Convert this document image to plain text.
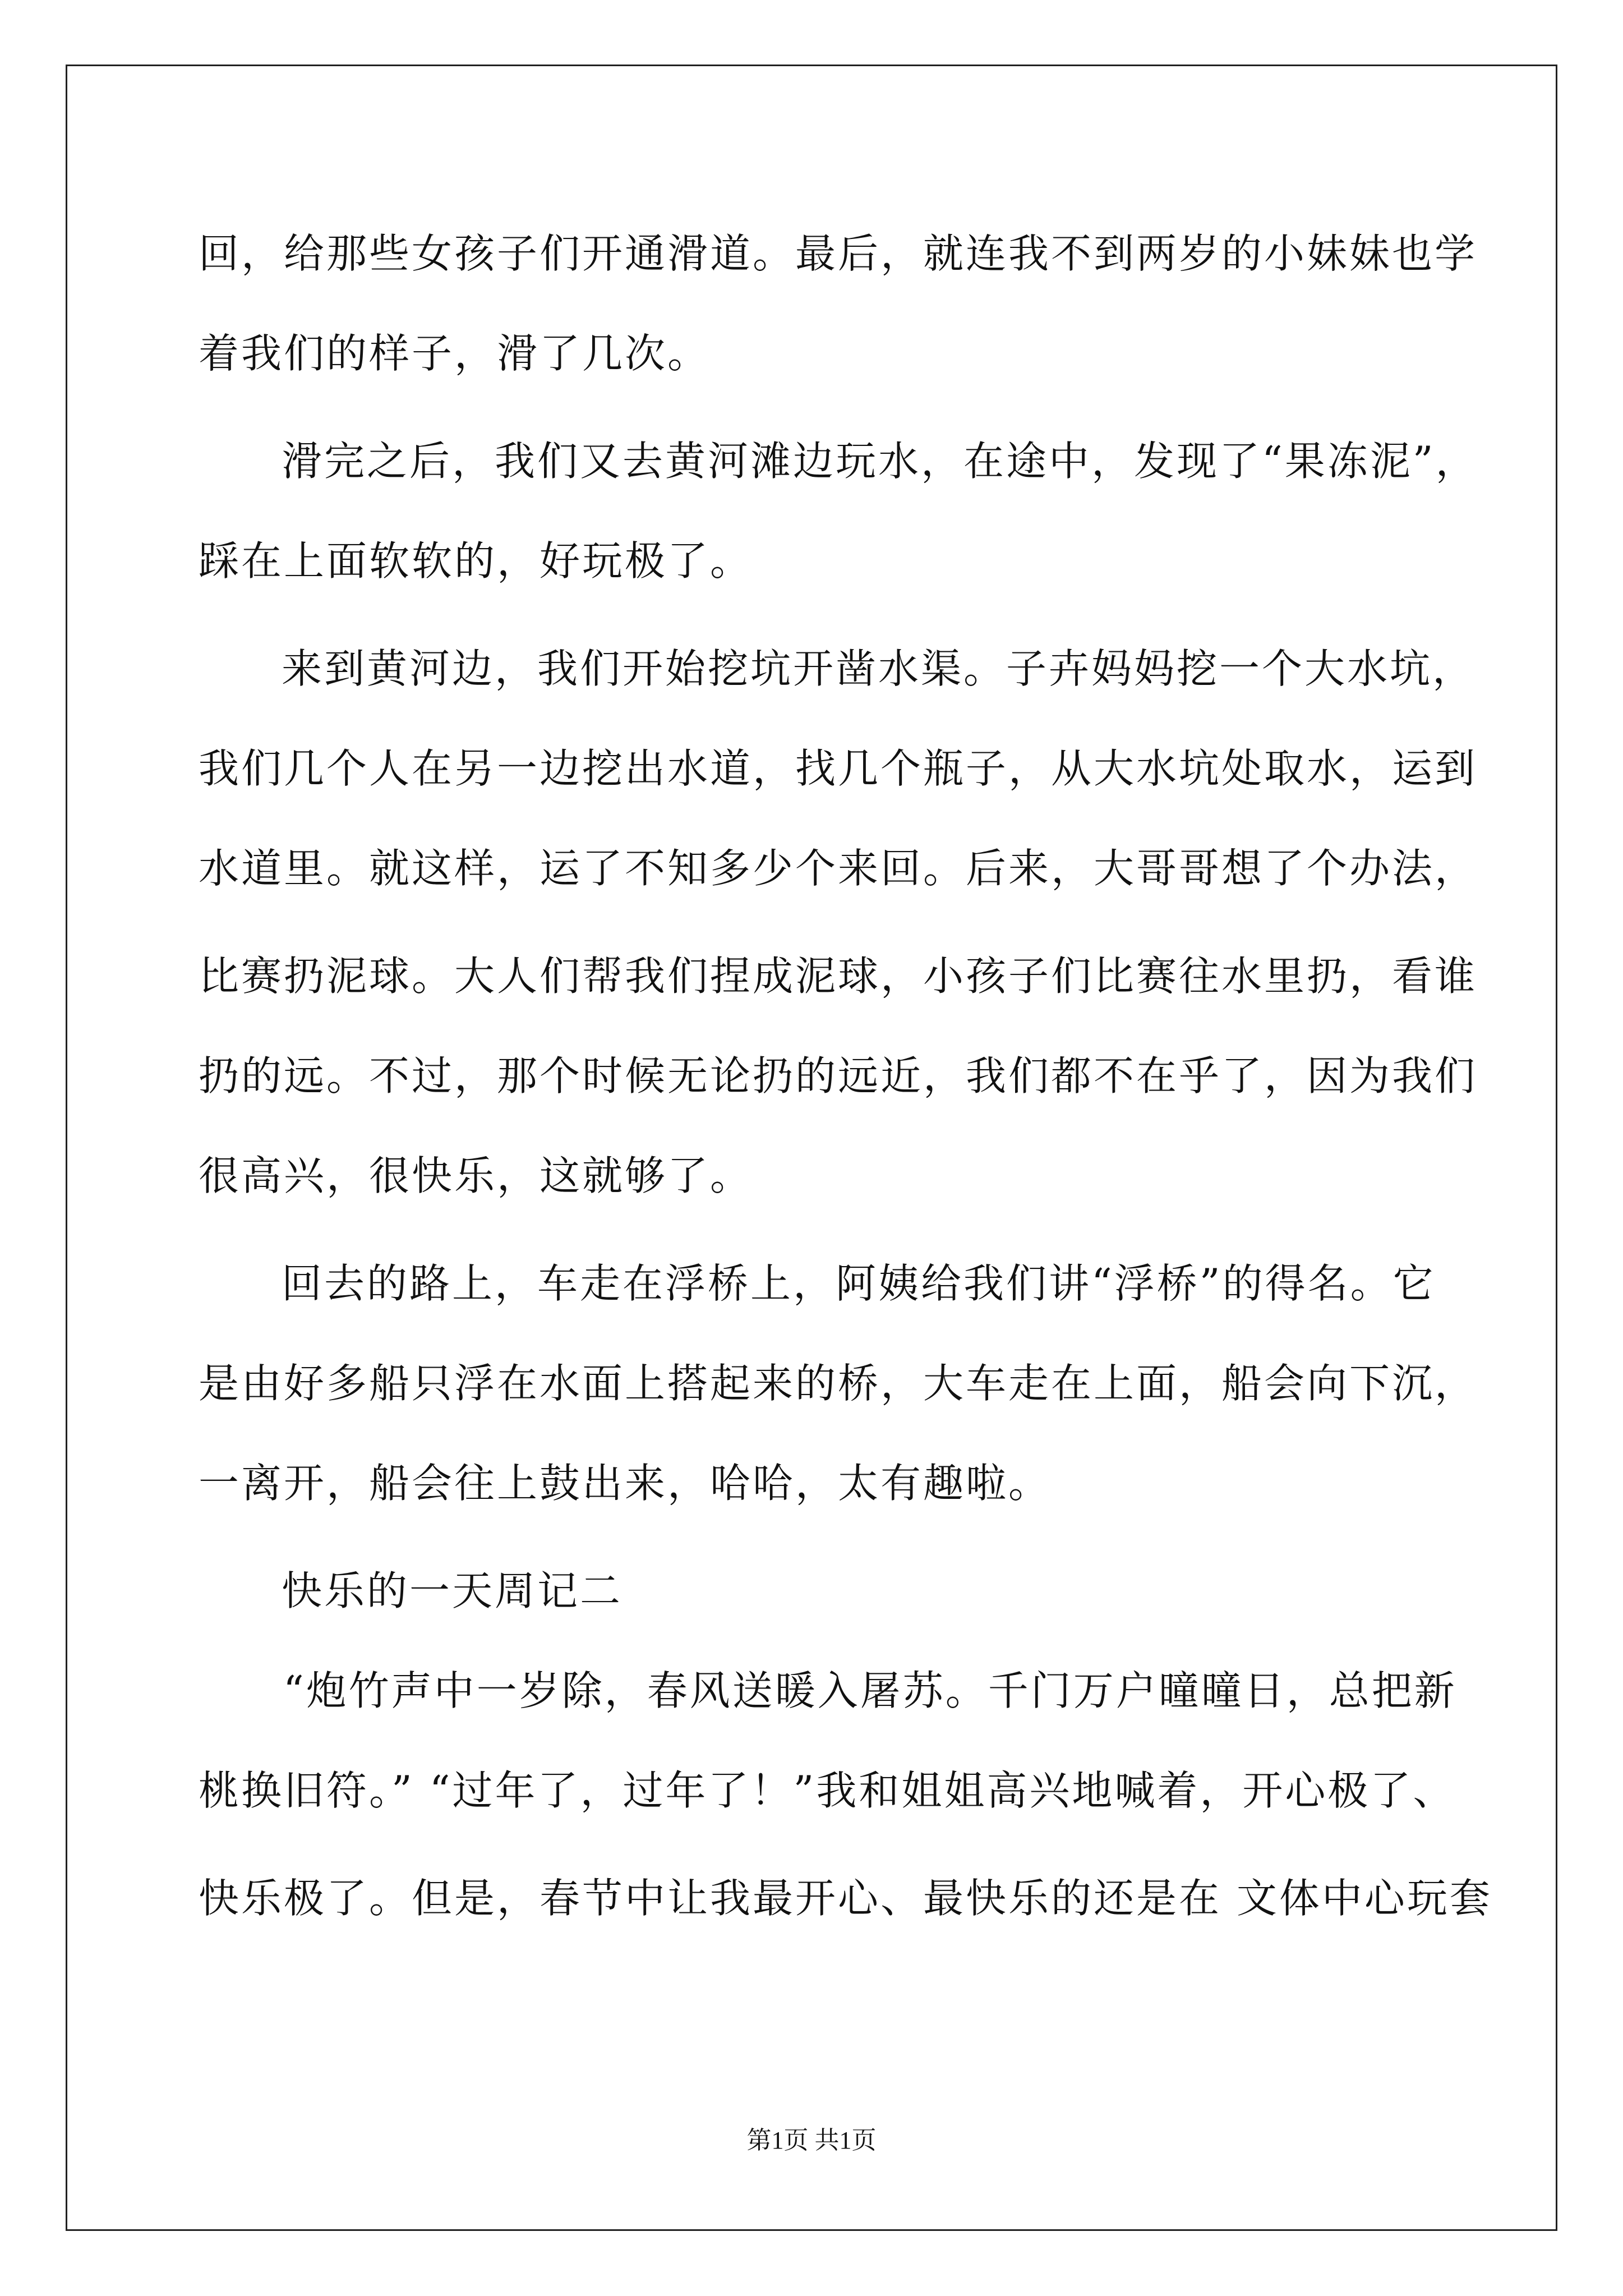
回，给那些女孩子们开通滑道。最后，就连我不到两岁的小妹妹也学
着我们的样子，滑了几次。
滑完之后，我们又去黄河滩边玩水，在途中，发现了“果冻泥”，
踩在上面软软的，好玩极了。
来到黄河边，我们开始挖坑开凿水渠。子卉妈妈挖一个大水坑，
我们几个人在另一边挖出水道，找几个瓶子，从大水坑处取水，运到
水道里。就这样，运了不知多少个来回。后来，大哥哥想了个办法，
比赛扔泥球。大人们帮我们捏成泥球，小孩子们比赛往水里扔，看谁
扔的远。不过，那个时候无论扔的远近，我们都不在乎了，因为我们
很高兴，很快乐，这就够了。
回去的路上，车走在浮桥上，阿姨给我们讲“浮桥”的得名。它
是由好多船只浮在水面上搭起来的桥，大车走在上面，船会向下沉，
一离开，船会往上鼓出来，哈哈，太有趣啦。
快乐的一天周记二
“炮竹声中一岁除，春风送暖入屠苏。千门万户曈曈日，总把新
桃换旧符。” “过年了，过年了！”我和姐姐高兴地喊着，开心极了、
快乐极了。但是，春节中让我最开心、最快乐的还是在 文体中心玩套
第1页 共1页
